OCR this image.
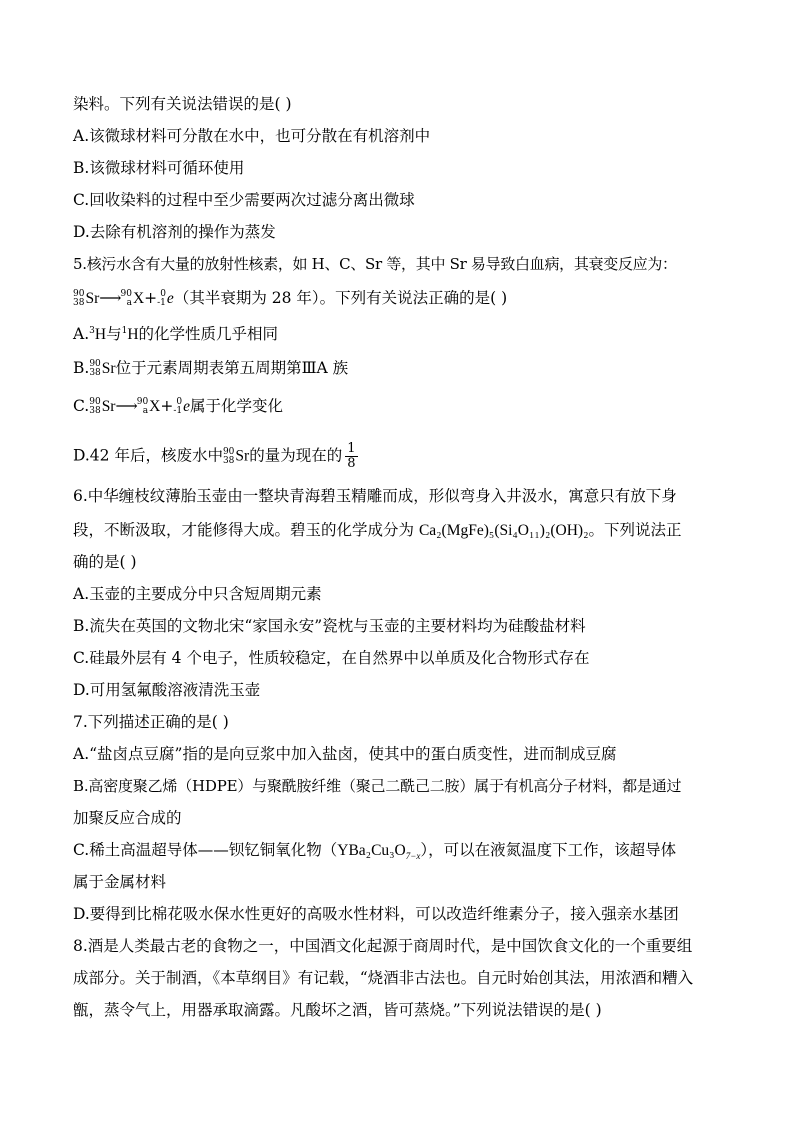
染料。下列有关说法错误的是( )
A.该微球材料可分散在水中，也可分散在有机溶剂中
B.该微球材料可循环使用
C.回收染料的过程中至少需要两次过滤分离出微球
D.去除有机溶剂的操作为蒸发
5.核污水含有大量的放射性核素，如 H、C、Sr 等，其中 Sr 易导致白血病，其衰变反应为：
90
38 Sr⟶ 90
a X+ 0
-1 e（其半衰期为 28 年）。下列有关说法正确的是( )
A.$^3$H与$^1$H的化学性质几乎相同
B. 90
38 Sr位于元素周期表第五周期第ⅢA 族
C. 90
38 Sr⟶ 90
a X+ 0
-1 e属于化学变化
D.42 年后，核废水中 90
38 Sr的量为现在的 $\frac{1}{8}$
6.中华缠枝纹薄胎玉壶由一整块青海碧玉精雕而成，形似弯身入井汲水，寓意只有放下身
段，不断汲取，才能修得大成。碧玉的化学成分为 Ca₂(MgFe)₅(Si₄O₁₁)₂(OH)₂。下列说法正
确的是( )
A.玉壶的主要成分中只含短周期元素
B.流失在英国的文物北宋“家国永安”瓷枕与玉壶的主要材料均为硅酸盐材料
C.硅最外层有 4 个电子，性质较稳定，在自然界中以单质及化合物形式存在
D.可用氢氟酸溶液清洗玉壶
7.下列描述正确的是( )
A.“盐卤点豆腐”指的是向豆浆中加入盐卤，使其中的蛋白质变性，进而制成豆腐
B.高密度聚乙烯（HDPE）与聚酰胺纤维（聚己二酰己二胺）属于有机高分子材料，都是通过
加聚反应合成的
C.稀土高温超导体——钡钇铜氧化物$(YBa_2Cu_3O_{7-x})$，可以在液氮温度下工作，该超导体
属于金属材料
D.要得到比棉花吸水保水性更好的高吸水性材料，可以改造纤维素分子，接入强亲水基团
8.酒是人类最古老的食物之一，中国酒文化起源于商周时代，是中国饮食文化的一个重要组
成部分。关于制酒，《本草纲目》有记载，“烧酒非古法也。自元时始创其法，用浓酒和糟入
甑，蒸令气上，用器承取滴露。凡酸坏之酒，皆可蒸烧。”下列说法错误的是( )
